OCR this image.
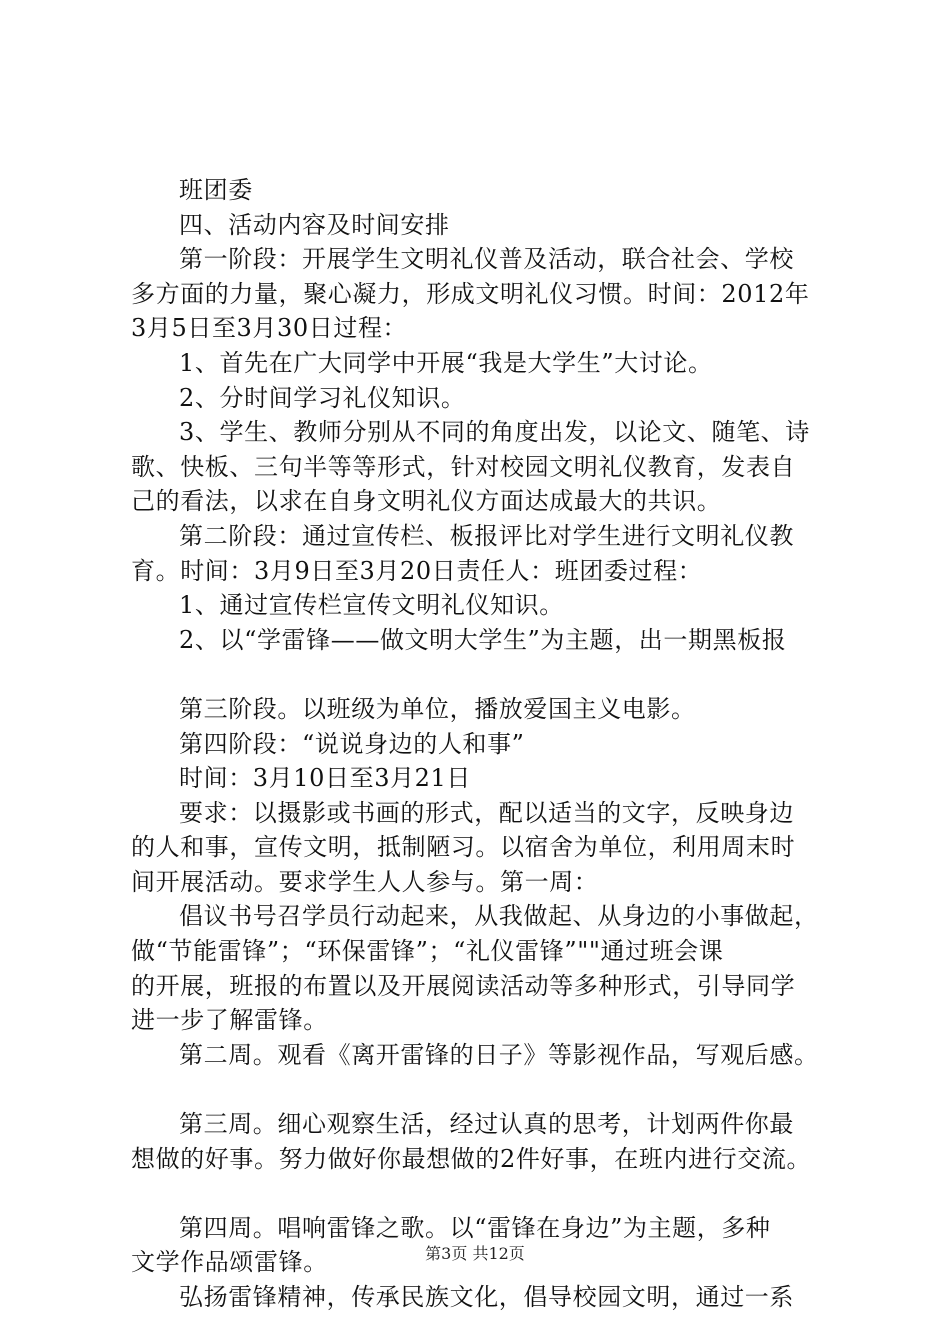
班团委
四、活动内容及时间安排
第一阶段：开展学生文明礼仪普及活动，联合社会、学校
多方面的力量，聚心凝力，形成文明礼仪习惯。时间：2012年
3月5日至3月30日过程：
1、首先在广大同学中开展“我是大学生”大讨论。
2、分时间学习礼仪知识。
3、学生、教师分别从不同的角度出发，以论文、随笔、诗
歌、快板、三句半等等形式，针对校园文明礼仪教育，发表自
己的看法，以求在自身文明礼仪方面达成最大的共识。
第二阶段：通过宣传栏、板报评比对学生进行文明礼仪教
育。时间：3月9日至3月20日责任人：班团委过程：
1、通过宣传栏宣传文明礼仪知识。
2、以“学雷锋——做文明大学生”为主题，出一期黑板报
第三阶段。以班级为单位，播放爱国主义电影。
第四阶段：“说说身边的人和事”
时间：3月10日至3月21日
要求：以摄影或书画的形式，配以适当的文字，反映身边
的人和事，宣传文明，抵制陋习。以宿舍为单位，利用周末时
间开展活动。要求学生人人参与。第一周：
倡议书号召学员行动起来，从我做起、从身边的小事做起，
做“节能雷锋”；“环保雷锋”；“礼仪雷锋”""通过班会课
的开展，班报的布置以及开展阅读活动等多种形式，引导同学
进一步了解雷锋。
第二周。观看《离开雷锋的日子》等影视作品，写观后感。
第三周。细心观察生活，经过认真的思考，计划两件你最
想做的好事。努力做好你最想做的2件好事，在班内进行交流。
第四周。唱响雷锋之歌。以“雷锋在身边”为主题，多种
文学作品颂雷锋。
弘扬雷锋精神，传承民族文化，倡导校园文明，通过一系
第3页 共12页
